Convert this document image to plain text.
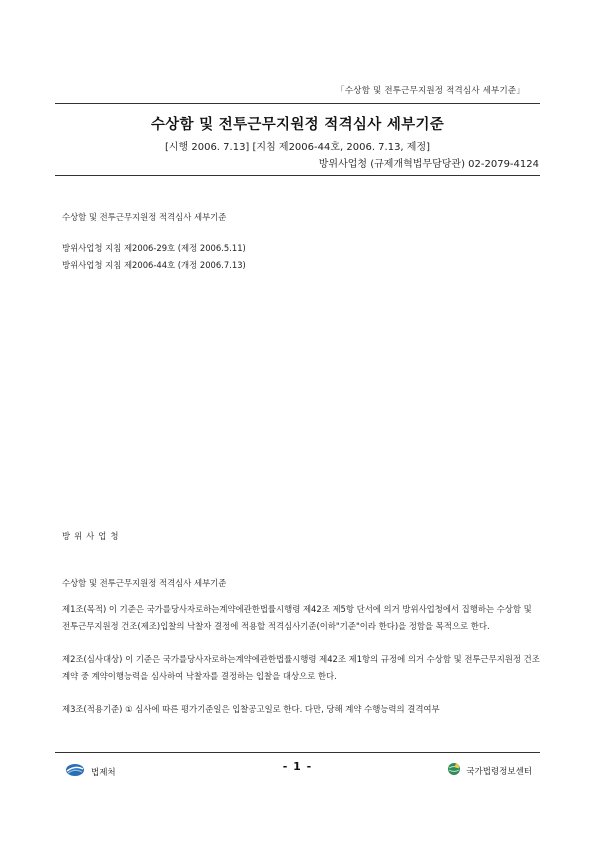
「수상함 및 전투근무지원정 적격심사 세부기준」
수상함 및 전투근무지원정 적격심사 세부기준
[시행 2006. 7.13] [지침 제2006-44호, 2006. 7.13, 제정]
방위사업청 (규제개혁법무담당관) 02-2079-4124
수상함 및 전투근무지원정 적격심사 세부기준
방위사업청 지침 제2006-29호 (제정 2006.5.11)
방위사업청 지침 제2006-44호 (개정 2006.7.13)
방위사업청
수상함 및 전투근무지원정 적격심사 세부기준
제1조(목적) 이 기준은 국가를당사자로하는계약에관한법률시행령 제42조 제5항 단서에 의거 방위사업청에서 집행하는 수상함 및 전투근무지원정 건조(제조)입찰의 낙찰자 결정에 적용할 적격심사기준(이하"기준"이라 한다)을 정함을 목적으로 한다.
제2조(심사대상) 이 기준은 국가를당사자로하는계약에관한법률시행령 제42조 제1항의 규정에 의거 수상함 및 전투근무지원정 건조계약 중 계약이행능력을 심사하여 낙찰자를 결정하는 입찰을 대상으로 한다.
제3조(적용기준) ① 심사에 따른 평가기준일은 입찰공고일로 한다. 다만, 당해 계약 수행능력의 결격여부
법제처	- 1 -	국가법령정보센터
